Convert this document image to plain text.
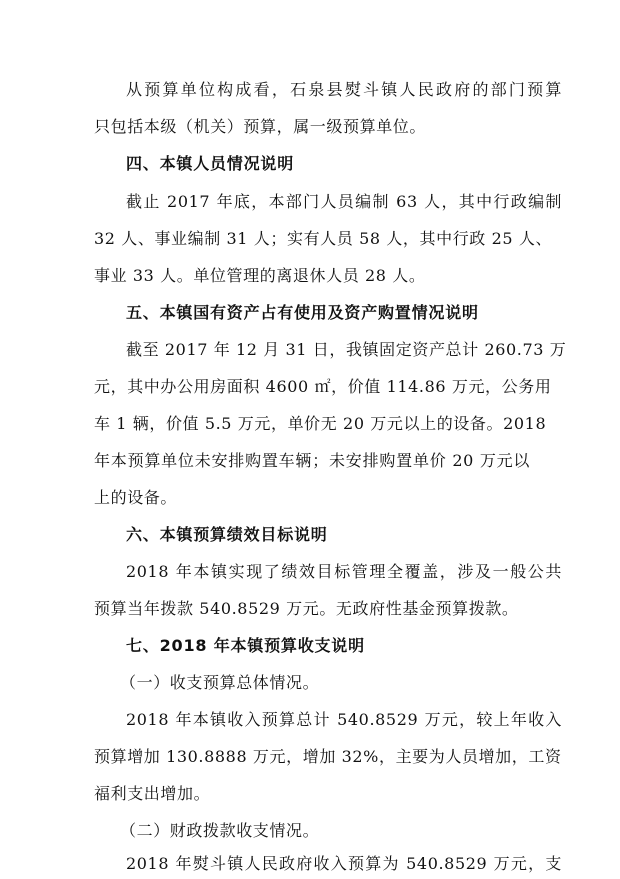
从预算单位构成看，石泉县熨斗镇人民政府的部门预算
只包括本级（机关）预算，属一级预算单位。
四、本镇人员情况说明
截止 2017 年底，本部门人员编制 63 人，其中行政编制
32 人、事业编制 31 人；实有人员 58 人，其中行政 25 人、
事业 33 人。单位管理的离退休人员 28 人。
五、本镇国有资产占有使用及资产购置情况说明
截至 2017 年 12 月 31 日，我镇固定资产总计 260.73 万
元，其中办公用房面积 4600 ㎡，价值 114.86 万元，公务用
车 1 辆，价值 5.5 万元，单价无 20 万元以上的设备。2018
年本预算单位未安排购置车辆；未安排购置单价 20 万元以
上的设备。
六、本镇预算绩效目标说明
2018 年本镇实现了绩效目标管理全覆盖，涉及一般公共
预算当年拨款 540.8529 万元。无政府性基金预算拨款。
七、2018 年本镇预算收支说明
（一）收支预算总体情况。
2018 年本镇收入预算总计 540.8529 万元，较上年收入
预算增加 130.8888 万元，增加 32%，主要为人员增加，工资
福利支出增加。
（二）财政拨款收支情况。
2018 年熨斗镇人民政府收入预算为 540.8529 万元，支
